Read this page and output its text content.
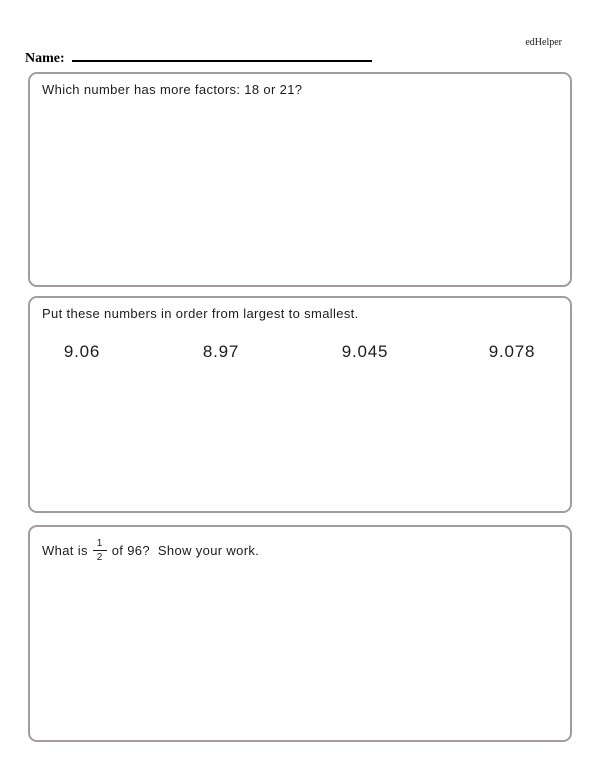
edHelper
Name:
Which number has more factors: 18 or 21?
Put these numbers in order from largest to smallest.
9.06	8.97	9.045	9.078
What is $\frac{1}{2}$ of 96?  Show your work.
